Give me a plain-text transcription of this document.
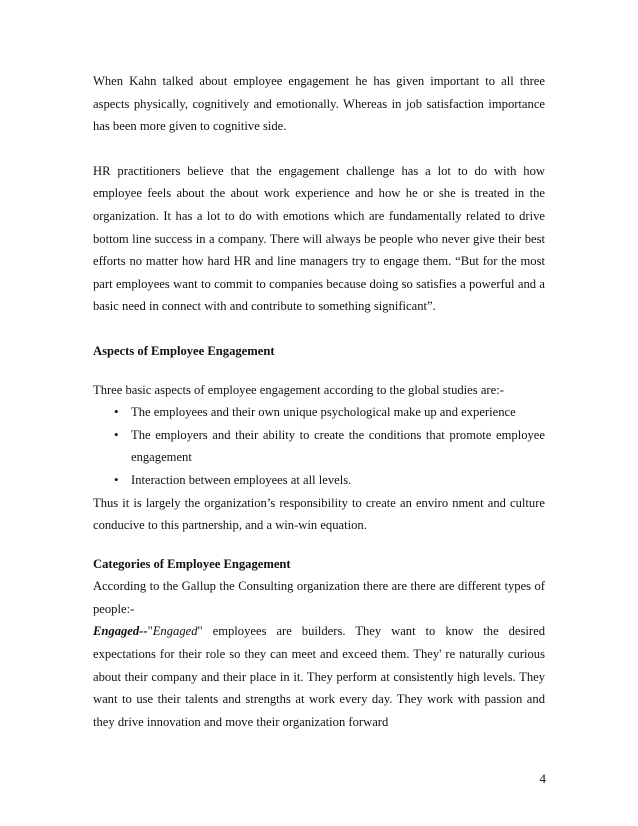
When Kahn talked about employee engagement he has given important to all three aspects physically, cognitively and emotionally. Whereas in job satisfaction importance has been more given to cognitive side.

HR practitioners believe that the engagement challenge has a lot to do with how employee feels about the about work experience and how he or she is treated in the organization. It has a lot to do with emotions which are fundamentally related to drive bottom line success in a company. There will always be people who never give their best efforts no matter how hard HR and line managers try to engage them. “But for the most part employees want to commit to companies because doing so satisfies a powerful and a basic need in connect with and contribute to something significant”.

Aspects of Employee Engagement

Three basic aspects of employee engagement according to the global studies are:-

• The employees and their own unique psychological make up and experience
• The employers and their ability to create the conditions that promote employee engagement
• Interaction between employees at all levels.

Thus it is largely the organization’s responsibility to create an enviro nment and culture conducive to this partnership, and a win-win equation.

Categories of Employee Engagement

According to the Gallup the Consulting organization there are there are different types of people:-

Engaged--"Engaged" employees are builders. They want to know the desired expectations for their role so they can meet and exceed them. They' re naturally curious about their company and their place in it. They perform at consistently high levels. They want to use their talents and strengths at work every day. They work with passion and they drive innovation and move their organization forward

4
